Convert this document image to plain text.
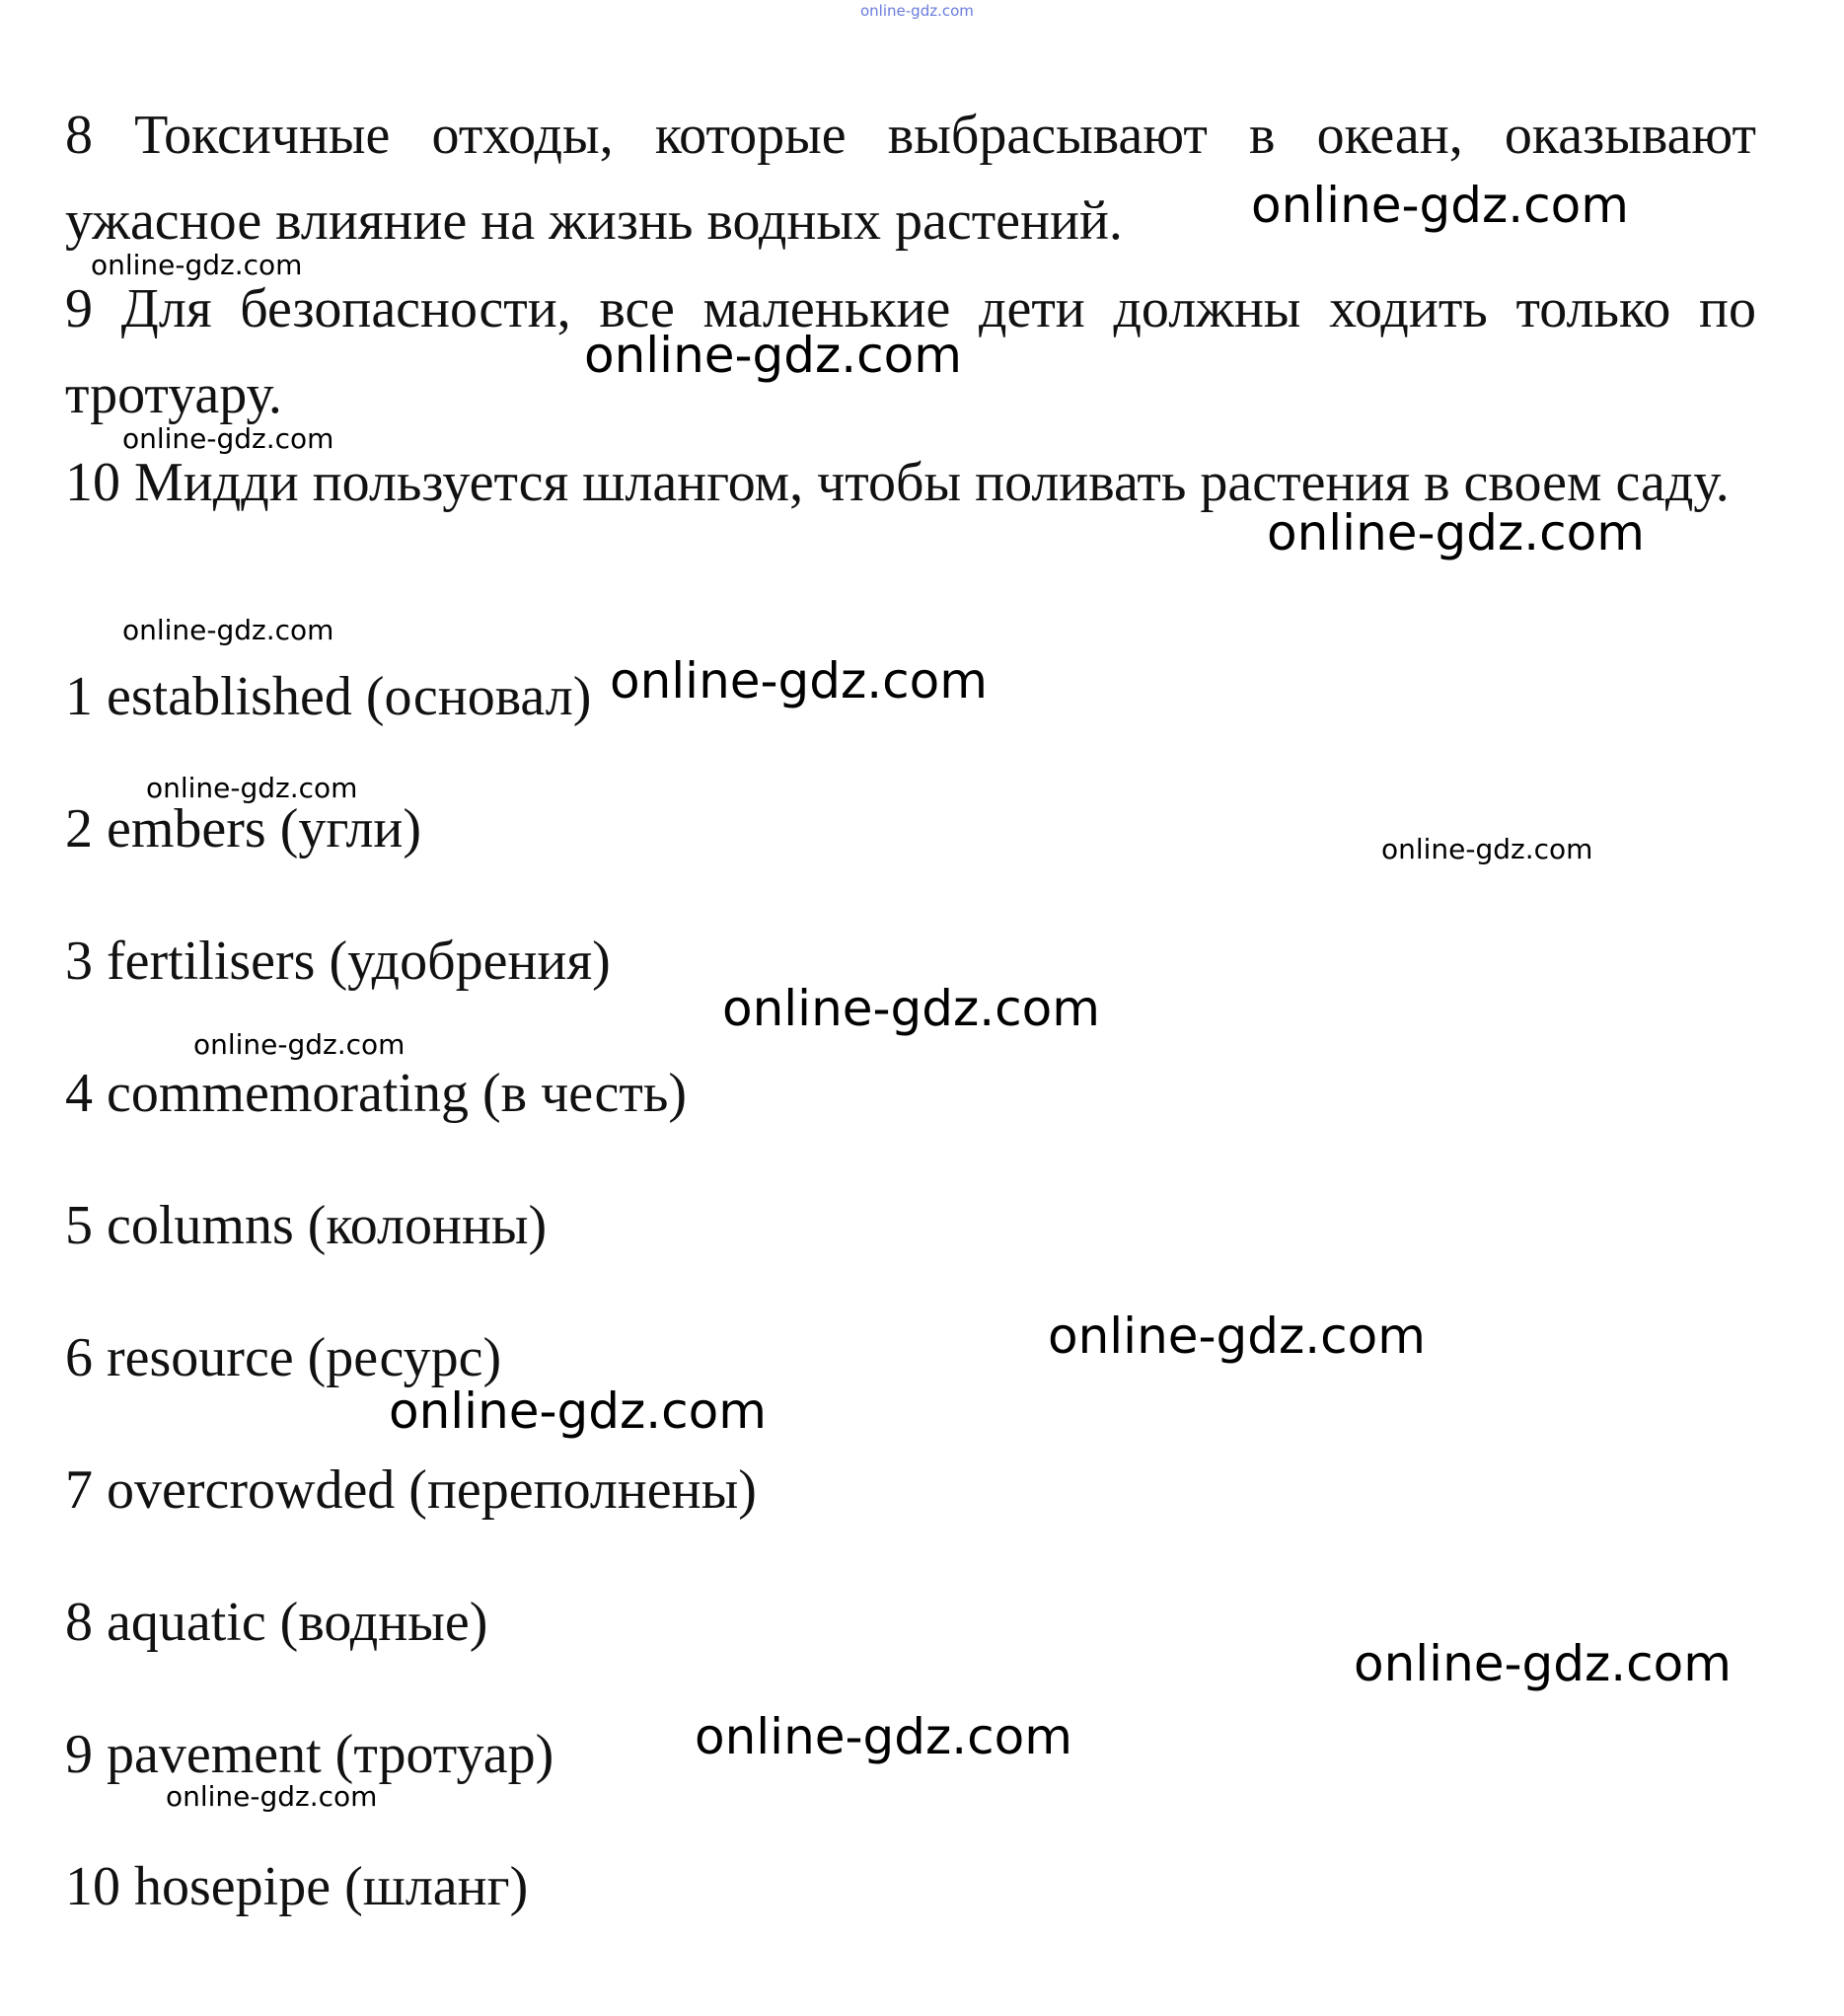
online-gdz.com

8 Токсичные отходы, которые выбрасывают в океан, оказывают ужасное влияние на жизнь водных растений.

9 Для безопасности, все маленькие дети должны ходить только по тротуару.

10 Мидди пользуется шлангом, чтобы поливать растения в своем саду.

1 established (основал)
2 embers (угли)
3 fertilisers (удобрения)
4 commemorating (в честь)
5 columns (колонны)
6 resource (ресурс)
7 overcrowded (переполнены)
8 aquatic (водные)
9 pavement (тротуар)
10 hosepipe (шланг)
online-gdz.com
online-gdz.com
online-gdz.com
online-gdz.com
online-gdz.com
online-gdz.com
online-gdz.com
online-gdz.com
online-gdz.com
online-gdz.com
online-gdz.com
online-gdz.com
online-gdz.com
online-gdz.com
online-gdz.com
online-gdz.com
